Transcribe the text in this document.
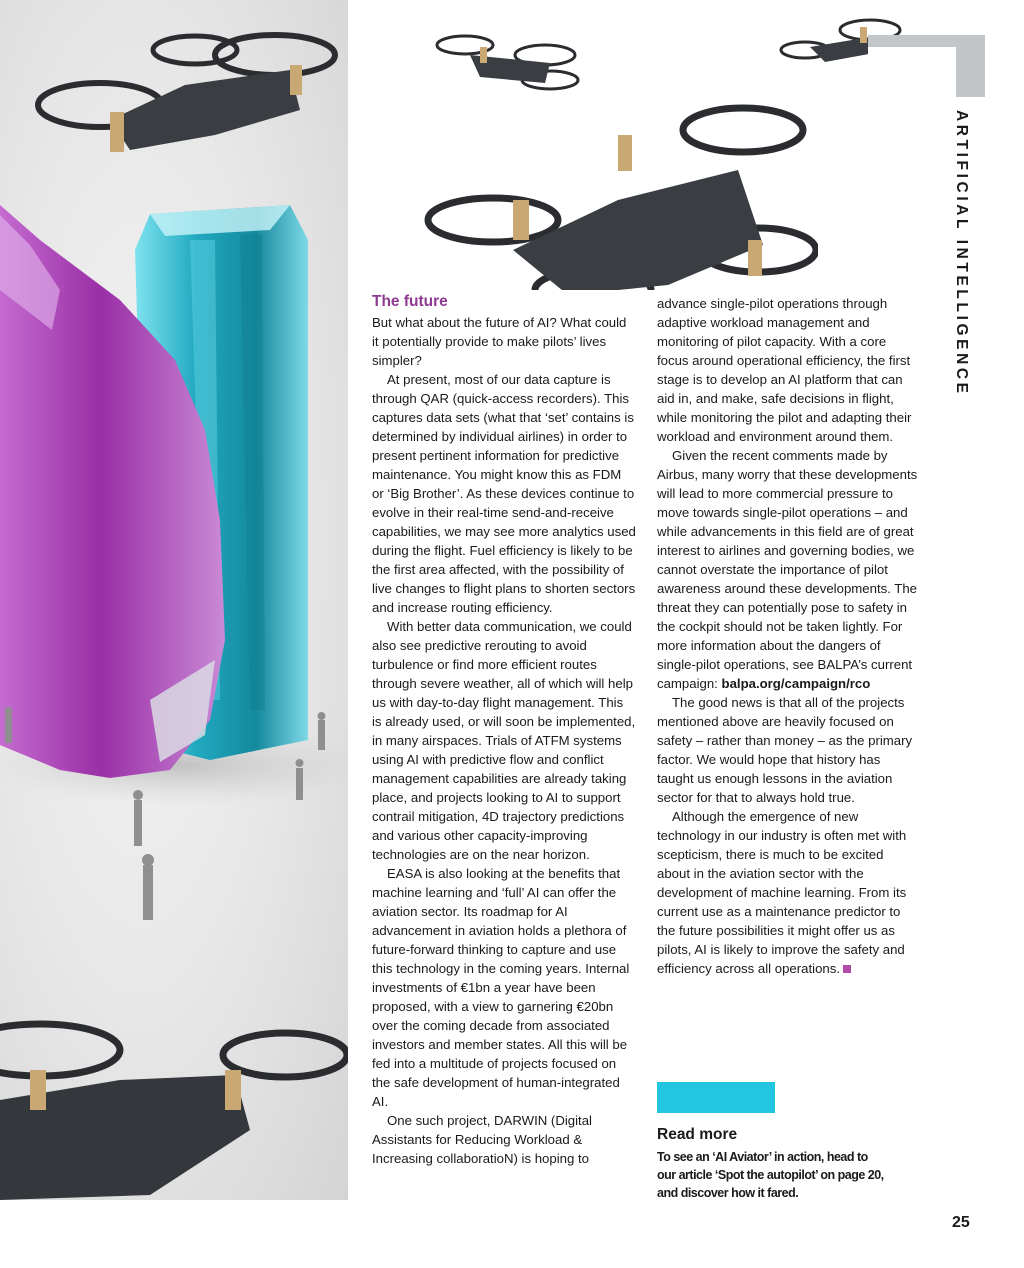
ARTIFICIAL INTELLIGENCE
The future

But what about the future of AI? What could it potentially provide to make pilots’ lives simpler?

At present, most of our data capture is through QAR (quick-access recorders). This captures data sets (what that ‘set’ contains is determined by individual airlines) in order to present pertinent information for predictive maintenance. You might know this as FDM or ‘Big Brother’. As these devices continue to evolve in their real-time send-and-receive capabilities, we may see more analytics used during the flight. Fuel efficiency is likely to be the first area affected, with the possibility of live changes to flight plans to shorten sectors and increase routing efficiency.

With better data communication, we could also see predictive rerouting to avoid turbulence or find more efficient routes through severe weather, all of which will help us with day-to-day flight management. This is already used, or will soon be implemented, in many airspaces. Trials of ATFM systems using AI with predictive flow and conflict management capabilities are already taking place, and projects looking to AI to support contrail mitigation, 4D trajectory predictions and various other capacity-improving technologies are on the near horizon.

EASA is also looking at the benefits that machine learning and ‘full’ AI can offer the aviation sector. Its roadmap for AI advancement in aviation holds a plethora of future-forward thinking to capture and use this technology in the coming years. Internal investments of €1bn a year have been proposed, with a view to garnering €20bn over the coming decade from associated investors and member states. All this will be fed into a multitude of projects focused on the safe development of human-integrated AI.

One such project, DARWIN (Digital Assistants for Reducing Workload & Increasing collaboratioN) is hoping to

advance single-pilot operations through adaptive workload management and monitoring of pilot capacity. With a core focus around operational efficiency, the first stage is to develop an AI platform that can aid in, and make, safe decisions in flight, while monitoring the pilot and adapting their workload and environment around them.

Given the recent comments made by Airbus, many worry that these developments will lead to more commercial pressure to move towards single-pilot operations – and while advancements in this field are of great interest to airlines and governing bodies, we cannot overstate the importance of pilot awareness around these developments. The threat they can potentially pose to safety in the cockpit should not be taken lightly. For more information about the dangers of single-pilot operations, see BALPA’s current campaign: balpa.org/campaign/rco

The good news is that all of the projects mentioned above are heavily focused on safety – rather than money – as the primary factor. We would hope that history has taught us enough lessons in the aviation sector for that to always hold true.

Although the emergence of new technology in our industry is often met with scepticism, there is much to be excited about in the aviation sector with the development of machine learning. From its current use as a maintenance predictor to the future possibilities it might offer us as pilots, AI is likely to improve the safety and efficiency across all operations.

Read more
To see an ‘AI Aviator’ in action, head to our article ‘Spot the autopilot’ on page 20, and discover how it fared.
25
